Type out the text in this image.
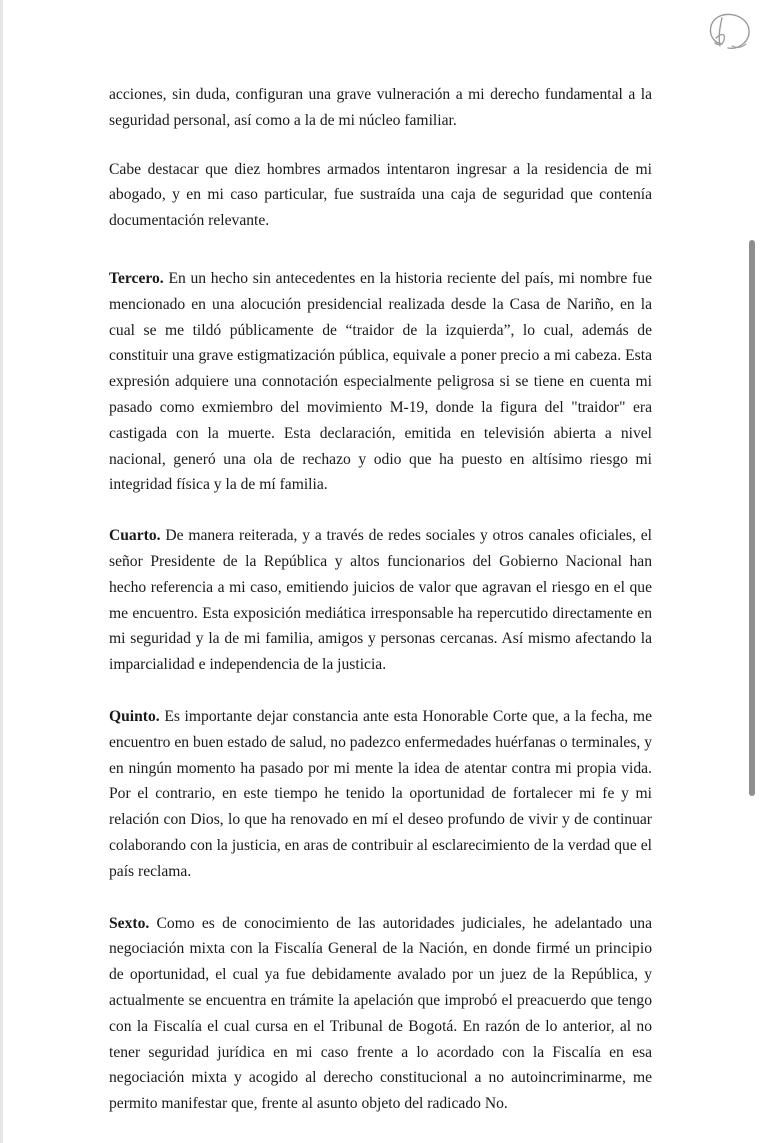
acciones, sin duda, configuran una grave vulneración a mi derecho fundamental a la seguridad personal, así como a la de mi núcleo familiar.

Cabe destacar que diez hombres armados intentaron ingresar a la residencia de mi abogado, y en mi caso particular, fue sustraída una caja de seguridad que contenía documentación relevante.

Tercero. En un hecho sin antecedentes en la historia reciente del país, mi nombre fue mencionado en una alocución presidencial realizada desde la Casa de Nariño, en la cual se me tildó públicamente de “traidor de la izquierda”, lo cual, además de constituir una grave estigmatización pública, equivale a poner precio a mi cabeza. Esta expresión adquiere una connotación especialmente peligrosa si se tiene en cuenta mi pasado como exmiembro del movimiento M-19, donde la figura del "traidor" era castigada con la muerte. Esta declaración, emitida en televisión abierta a nivel nacional, generó una ola de rechazo y odio que ha puesto en altísimo riesgo mi integridad física y la de mí familia.

Cuarto. De manera reiterada, y a través de redes sociales y otros canales oficiales, el señor Presidente de la República y altos funcionarios del Gobierno Nacional han hecho referencia a mi caso, emitiendo juicios de valor que agravan el riesgo en el que me encuentro. Esta exposición mediática irresponsable ha repercutido directamente en mi seguridad y la de mi familia, amigos y personas cercanas. Así mismo afectando la imparcialidad e independencia de la justicia.

Quinto. Es importante dejar constancia ante esta Honorable Corte que, a la fecha, me encuentro en buen estado de salud, no padezco enfermedades huérfanas o terminales, y en ningún momento ha pasado por mi mente la idea de atentar contra mi propia vida. Por el contrario, en este tiempo he tenido la oportunidad de fortalecer mi fe y mi relación con Dios, lo que ha renovado en mí el deseo profundo de vivir y de continuar colaborando con la justicia, en aras de contribuir al esclarecimiento de la verdad que el país reclama.

Sexto. Como es de conocimiento de las autoridades judiciales, he adelantado una negociación mixta con la Fiscalía General de la Nación, en donde firmé un principio de oportunidad, el cual ya fue debidamente avalado por un juez de la República, y actualmente se encuentra en trámite la apelación que improbó el preacuerdo que tengo con la Fiscalía el cual cursa en el Tribunal de Bogotá. En razón de lo anterior, al no tener seguridad jurídica en mi caso frente a lo acordado con la Fiscalía en esa negociación mixta y acogido al derecho constitucional a no autoincriminarme, me permito manifestar que, frente al asunto objeto del radicado No.
